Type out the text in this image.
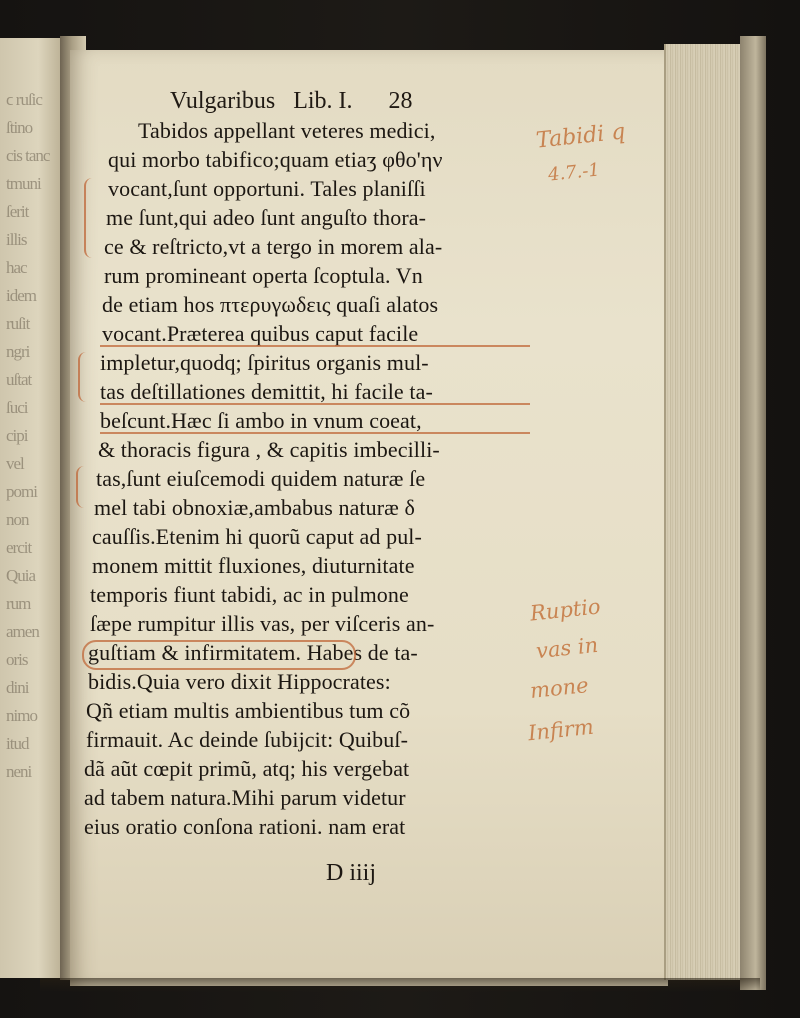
ϲ ruſic
ſtino
cis tanc
tmuni
ſerit
illis
hac
idem
ruſit
ngri
uſtat
ſuci
cipi
vel
pomi
non
ercit
Quia
rum
amen
oris
dini
nimo
itud
neni
Vulgaribus Lib. I. 28
Tabidos appellant veteres medici,
qui morbo tabifico;quam etiaʒ φθο'ην
vocant,ſunt opportuni. Tales planiſſi
me ſunt,qui adeo ſunt anguſto thora-
ce & reſtricto,vt a tergo in morem ala-
rum promineant operta ſcoptula. Vn
de etiam hos πτερυγωδεις quaſi alatos
vocant.Præterea quibus caput facile
impletur,quodq; ſpiritus organis mul-
tas deſtillationes demittit, hi facile ta-
beſcunt.Hæc ſi ambo in vnum coeat,
& thoracis figura , & capitis imbecilli-
tas,ſunt eiuſcemodi quidem naturæ ſe
mel tabi obnoxiæ,ambabus naturæ δ
cauſſis.Etenim hi quorũ caput ad pul-
monem mittit fluxiones, diuturnitate
temporis fiunt tabidi, ac in pulmone
ſæpe rumpitur illis vas, per viſceris an-
guſtiam & infirmitatem. Habes de ta-
bidis.Quia vero dixit Hippocrates:
Qñ etiam multis ambientibus tum cõ
firmauit. Ac deinde ſubijcit: Quibuſ-
dã aũt cœpit primũ, atq; his vergebat
ad tabem natura.Mihi parum videtur
eius oratio conſona rationi. nam erat
D iiij
Tabidi q
4.7.-1
Ruptio
vas in
mone
Infirm
